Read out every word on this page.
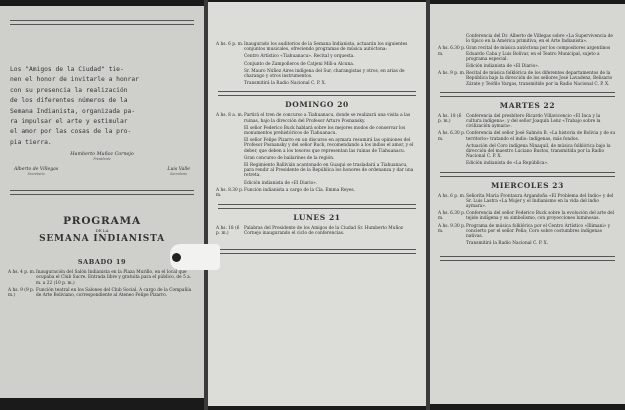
Los "Amigos de la Ciudad" tie-
nen el honor de invitarle a honrar
con su presencia la realización
de los diferentes números de la
Semana Indianista, organizada pa-
ra impulsar el arte y estimular
el amor por las cosas de la pro-
pia tierra.
Humberto Muñoz Cornejo
Presidente
Alberto de Villegas
Secretario
Luis Valle
Secretario
PROGRAMA
DE LA
SEMANA INDIANISTA
SABADO 19
A hs. 4 p. m. Inauguración del Salón Indianista en la Plaza Murillo, en el local que ocupaba el Club Sucre. Entrada libre y gratuita para el público, de 5 a. m. a 22 (10 p. m.)
A hs. 9 (9 p. m.)
Función teatral en los Salones del Club Social. A cargo de la Compañía de Arte Boliviano, correspondiente al Ateneo Felipe Pizarro.
A hs. 6 p. m. Inaugurado los auditorios de la Semana Indianista, actuarán los siguientes conjuntos musicales, ofreciendo programas de música autóctona:
Centro Artístico «Tiahuanacu». Recital y orquesta.
Conjunto de Zampoñeros de Catjeni Mili-a Alcuna.
Sr. Mauro Núñez Aires indígena del Sur, charangistas y otros, en arias de charango y otros instrumentos.
Transmitirá la Radio Nacional C. P. X.
DOMINGO 20
A hs. 8 a. m. Partirá el tren de concurso a Tiahuanacu, donde se realizará una visita a las ruinas, bajo la dirección del Profesor Arturo Posnansky.
El señor Federico Buck hablará sobre los mejores modos de conservar los monumentos prehistóricos de Tiahuanacu.
El señor Felipe Pizarro en un discurso en aymara resumirá las opiniones del Profesor Posnansky y del señor Buck, recomendando a los indios el amor, y el deber, que deben a los tesoros que representan las ruinas de Tiahuanacu.
Gran concurso de bailarines de la región.
El Regimiento Ballivián acantonado en Guaqui se trasladará a Tiahuanacu, para rendir al Presidente de la República los honores de ordenanza y dar una retreta.
Edición indianista de «El Diario».
A hs. 8.30 p. m.
Función indianista a cargo de la Cía. Emma Reyes.
LUNES 21
A hs. 18 (6 p. m.)
Palabras del Presidente de los Amigos de la Ciudad Sr. Humberto Muñoz Cornejo inaugurando el ciclo de conferencias.
Conferencia del Dr. Alberto de Villegas sobre «La Supervivencia de lo típico en la América primitiva, en el Arte Indianista».
A hs. 6.30 p. m.
Gran recital de música autóctona por los compositores argentinos Eduardo Caba y Luis Bolívar, en el Teatro Municipal, sujeto a programa especial.
Edición indianista de «El Diario».
A hs. 9 p. m. Recital de música folklórica de los diferentes departamentos de la República bajo la dirección de los señores José Lavadenz, Belisario Zárate y Teófilo Vargas, transmitido por la Radio Nacional C. P. X.
MARTES 22
A hs. 18 (6 p. m.)
Conferencia del presbítero Ricardo Villavicencio «El Inca y la cultura indígena», y del señor Joaquín Lenz «Trabajo sobre la civilización aymara».
A hs. 6.30 p. m.
Conferencia del señor José Salmón B. «La historia de Bolivia y de su territorio» tratando el indio: indígenas, más fondos.
Actuación del Coro indígena Ninaquil, de música folklórica bajo la dirección del maestro Luciano Bustos, transmitida por la Radio Nacional C. P. X.
Edición indianista de «La República».
MIERCOLES 23
A hs. 6 p. m. Señorita María Frontaura Argandoña «El Problema del Indio» y del Sr. Luis Lastra «La Mujer y el Indianismo en la vida del indio aymara».
A hs. 6.30 p. m.
Conferencia del señor Federico Buck sobre la evolución del arte del tejido indígena y su simbolismo, con proyecciones luminosas.
A hs. 9.30 p. m.
Programa de música folklórica por el Centro Artístico «Illimani» y concierto por el señor Peña; Coro sobre costumbres indígenas nativas.
Transmitirá la Radio Nacional C. P. X.
